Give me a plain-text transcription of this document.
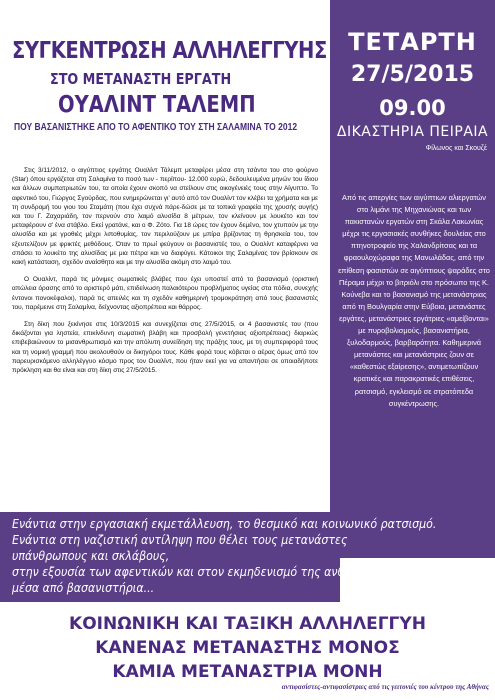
ΣΥΓΚΕΝΤΡΩΣΗ ΑΛΛΗΛΕΓΓΥΗΣ
ΣΤΟ ΜΕΤΑΝΑΣΤΗ ΕΡΓΑΤΗ
ΟΥΑΛΙΝΤ ΤΑΛΕΜΠ
ΠΟΥ ΒΑΣΑΝΙΣΤΗΚΕ ΑΠΟ ΤΟ ΑΦΕΝΤΙΚΟ ΤΟΥ ΣΤΗ ΣΑΛΑΜΙΝΑ ΤΟ 2012
ΤΕΤΑΡΤΗ
27/5/2015
09.00
ΔΙΚΑΣΤΗΡΙΑ ΠΕΙΡΑΙΑ
Φίλωνος και Σκουζέ
Από τις απεργίες των αιγύπτιων αλιεργατών στο λιμάνι της Μηχανιώνας και των πακιστανών εργατών στη Σκάλα Λακωνίας μέχρι τις εργασιακές συνθήκες δουλείας στο πτηνοτροφείο της Χαλανδρίτσας και τα φραουλοχώραφα της Μανωλάδας, από την επίθεση φασιστών σε αιγύπτιους ψαράδες στο Πέραμα μέχρι το βιτριόλι στο πρόσωπο της Κ. Κούνεβα και το βασανισμό της μετανάστριας από τη Βουλγαρία στην Εύβοια, μετανάστες εργάτες, μετανάστριες εργάτριες «αμείβονται» με πυροβολισμούς, βασανιστήρια, ξυλοδαρμούς, βαρβαρότητα. Καθημερινά μετανάστες και μετανάστριες ζουν σε «καθεστώς εξαίρεσης», αντιμετωπίζουν κρατικές και παρακρατικές επιθέσεις, ρατσισμό, εγκλεισμό σε στρατόπεδα συγκέντρωσης.

Στις 3/11/2012, ο αιγύπτιος εργάτης Ουαλίντ Τάλεμπ μεταφέρει μέσα στη τσάντα του στο φούρνο (Star) όπου εργάζεται στη Σαλαμίνα το ποσό των - περίπου- 12.000 ευρώ, δεδουλευμένα μηνών του ίδιου και άλλων συμπατριωτών του, τα οποία έχουν σκοπό να στείλουν στις οικογένειές τους στην Αίγυπτο. Το αφεντικό του, Γιώργος Σγούρδας, που ενημερώνεται γι' αυτό από τον Ουαλίντ τον κλέβει τα χρήματα και με τη συνδρομή του γιου του Σταμάτη (που έχει συχνά πάρε-δώσε με τα τοπικά γραφεία της χρυσής αυγής) και του Γ. Ζαχαριάδη, τον περνούν στο λαιμό αλυσίδα 8 μέτρων, τον κλείνουν με λουκέτο και τον μεταφέρουν σ' ένα στάβλο. Εκεί γρατάνε, και ο Φ. Ζότο. Για 18 ώρες τον έχουν δεμένο, τον χτυπούν με την αλυσίδα και με γροθιές μέχρι λιποθυμίας, τον περιλούζουν με μπίρα βρίζοντας τη θρησκεία του, τον εξευτελίζουν με φρικτές μεθόδους. Όταν το πρωί φεύγουν οι βασανιστές του, ο Ουαλίντ καταφέρνει να σπάσει το λουκέτο της αλυσίδας με μια πέτρα και να διαφύγει. Κάτοικοι της Σαλαμίνας τον βρίσκουν σε κακή κατάσταση, σχεδόν αναίσθητο και με την αλυσίδα ακόμη στο λαιμό του.

Ο Ουαλίντ, παρά τις μόνιμες σωματικές βλάβες που έχει υποστεί από το βασανισμό (οριστική απώλεια όρασης από το αριστερό μάτι, επιδείνωση παλαιότερου προβλήματος υγείας στα πόδια, συνεχής έντονοι πονοκέφαλοι), παρά τις απειλές και τη σχεδόν καθημερινή τρομοκράτηση από τους βασανιστές του, παρέμεινε στη Σαλαμίνα, δείχνοντας αξιοπρέπεια και θάρρος.

Στη δίκη που ξεκίνησε στις 10/3/2015 και συνεχίζεται στις 27/5/2015, οι 4 βασανιστές του (που δικάζονται για ληστεία, επικίνδυνη σωματική βλάβη και προσβολή γενετήσιας αξιοπρέπειας) διαρκώς επιβεβαιώνουν το μισανθρωπισμό και την απόλυτη συνείδηση της πράξης τους, με τη συμπεριφορά τους και τη νομική γραμμή που ακολουθούν οι δικηγόροι τους. Κάθε φορά τους κόβεται ο αέρας όμως από τον παρευρισκόμενο αλληλέγγυο κόσμο προς τον Ουαλίντ, που ήταν εκεί για να απαντήσει σε οποιαδήποτε πρόκληση και θα είναι και στη δίκη στις 27/5/2015.

Ενάντια στην εργασιακή εκμετάλλευση, το θεσμικό και κοινωνικό ρατσισμό.
Ενάντια στη ναζιστική αντίληψη που θέλει τους μετανάστες
υπάνθρωπους και σκλάβους,
στην εξουσία των αφεντικών και στον εκμηδενισμό της ανθρώπινης υπόστασης
μέσα από βασανιστήρια...
ΚΟΙΝΩΝΙΚΗ ΚΑΙ ΤΑΞΙΚΗ ΑΛΛΗΛΕΓΓΥΗ
ΚΑΝΕΝΑΣ ΜΕΤΑΝΑΣΤΗΣ ΜΟΝΟΣ
ΚΑΜΙΑ ΜΕΤΑΝΑΣΤΡΙΑ ΜΟΝΗ
αντιφασίστες-αντιφασίστριες από τις γειτονιές του κέντρου της Αθήνας
